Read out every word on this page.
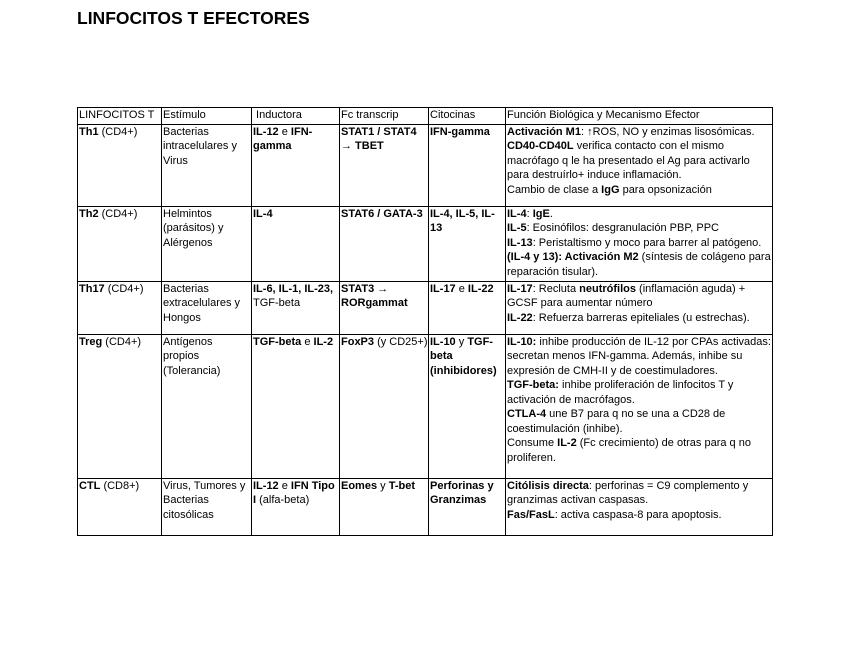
LINFOCITOS T EFECTORES
LINFOCITOS T	Estímulo	Inductora	Fc transcrip	Citocinas	Función Biológica y Mecanismo Efector
Th1 (CD4+)	Bacterias intracelulares y Virus	IL-12 e IFN-gamma	STAT1 / STAT4 → TBET	IFN-gamma	Activación M1: ↑ROS, NO y enzimas lisosómicas.
CD40-CD40L verifica contacto con el mismo macrófago q le ha presentado el Ag para activarlo para destruírlo+ induce inflamación.
Cambio de clase a IgG para opsonización

Th2 (CD4+)	Helmintos (parásitos) y Alérgenos	IL-4	STAT6 / GATA-3	IL-4, IL-5, IL-13	IL-4: IgE.
IL-5: Eosinófilos: desgranulación PBP, PPC
IL-13: Peristaltismo y moco para barrer al patógeno.
(IL-4 y 13): Activación M2 (síntesis de colágeno para reparación tisular).

Th17 (CD4+)	Bacterias extracelulares y Hongos	IL-6, IL-1, IL-23, TGF-beta	STAT3 → RORgammat	IL-17 e IL-22	IL-17: Recluta neutrófilos (inflamación aguda) + GCSF para aumentar número
IL-22: Refuerza barreras epiteliales (u estrechas).

Treg (CD4+)	Antígenos propios (Tolerancia)	TGF-beta e IL-2	FoxP3 (y CD25+)	IL-10 y TGF-beta (inhibidores)	IL-10: inhibe producción de IL-12 por CPAs activadas: secretan menos IFN-gamma. Además, inhibe su expresión de CMH-II y de coestimuladores.
TGF-beta: inhibe proliferación de linfocitos T y activación de macrófagos.
CTLA-4 une B7 para q no se una a CD28 de coestimulación (inhibe).
Consume IL-2 (Fc crecimiento) de otras para q no proliferen.

CTL (CD8+)	Virus, Tumores y Bacterias citosólicas	IL-12 e IFN Tipo I (alfa-beta)	Eomes y T-bet	Perforinas y Granzimas	Citólisis directa: perforinas = C9 complemento y granzimas activan caspasas.
Fas/FasL: activa caspasa-8 para apoptosis.
